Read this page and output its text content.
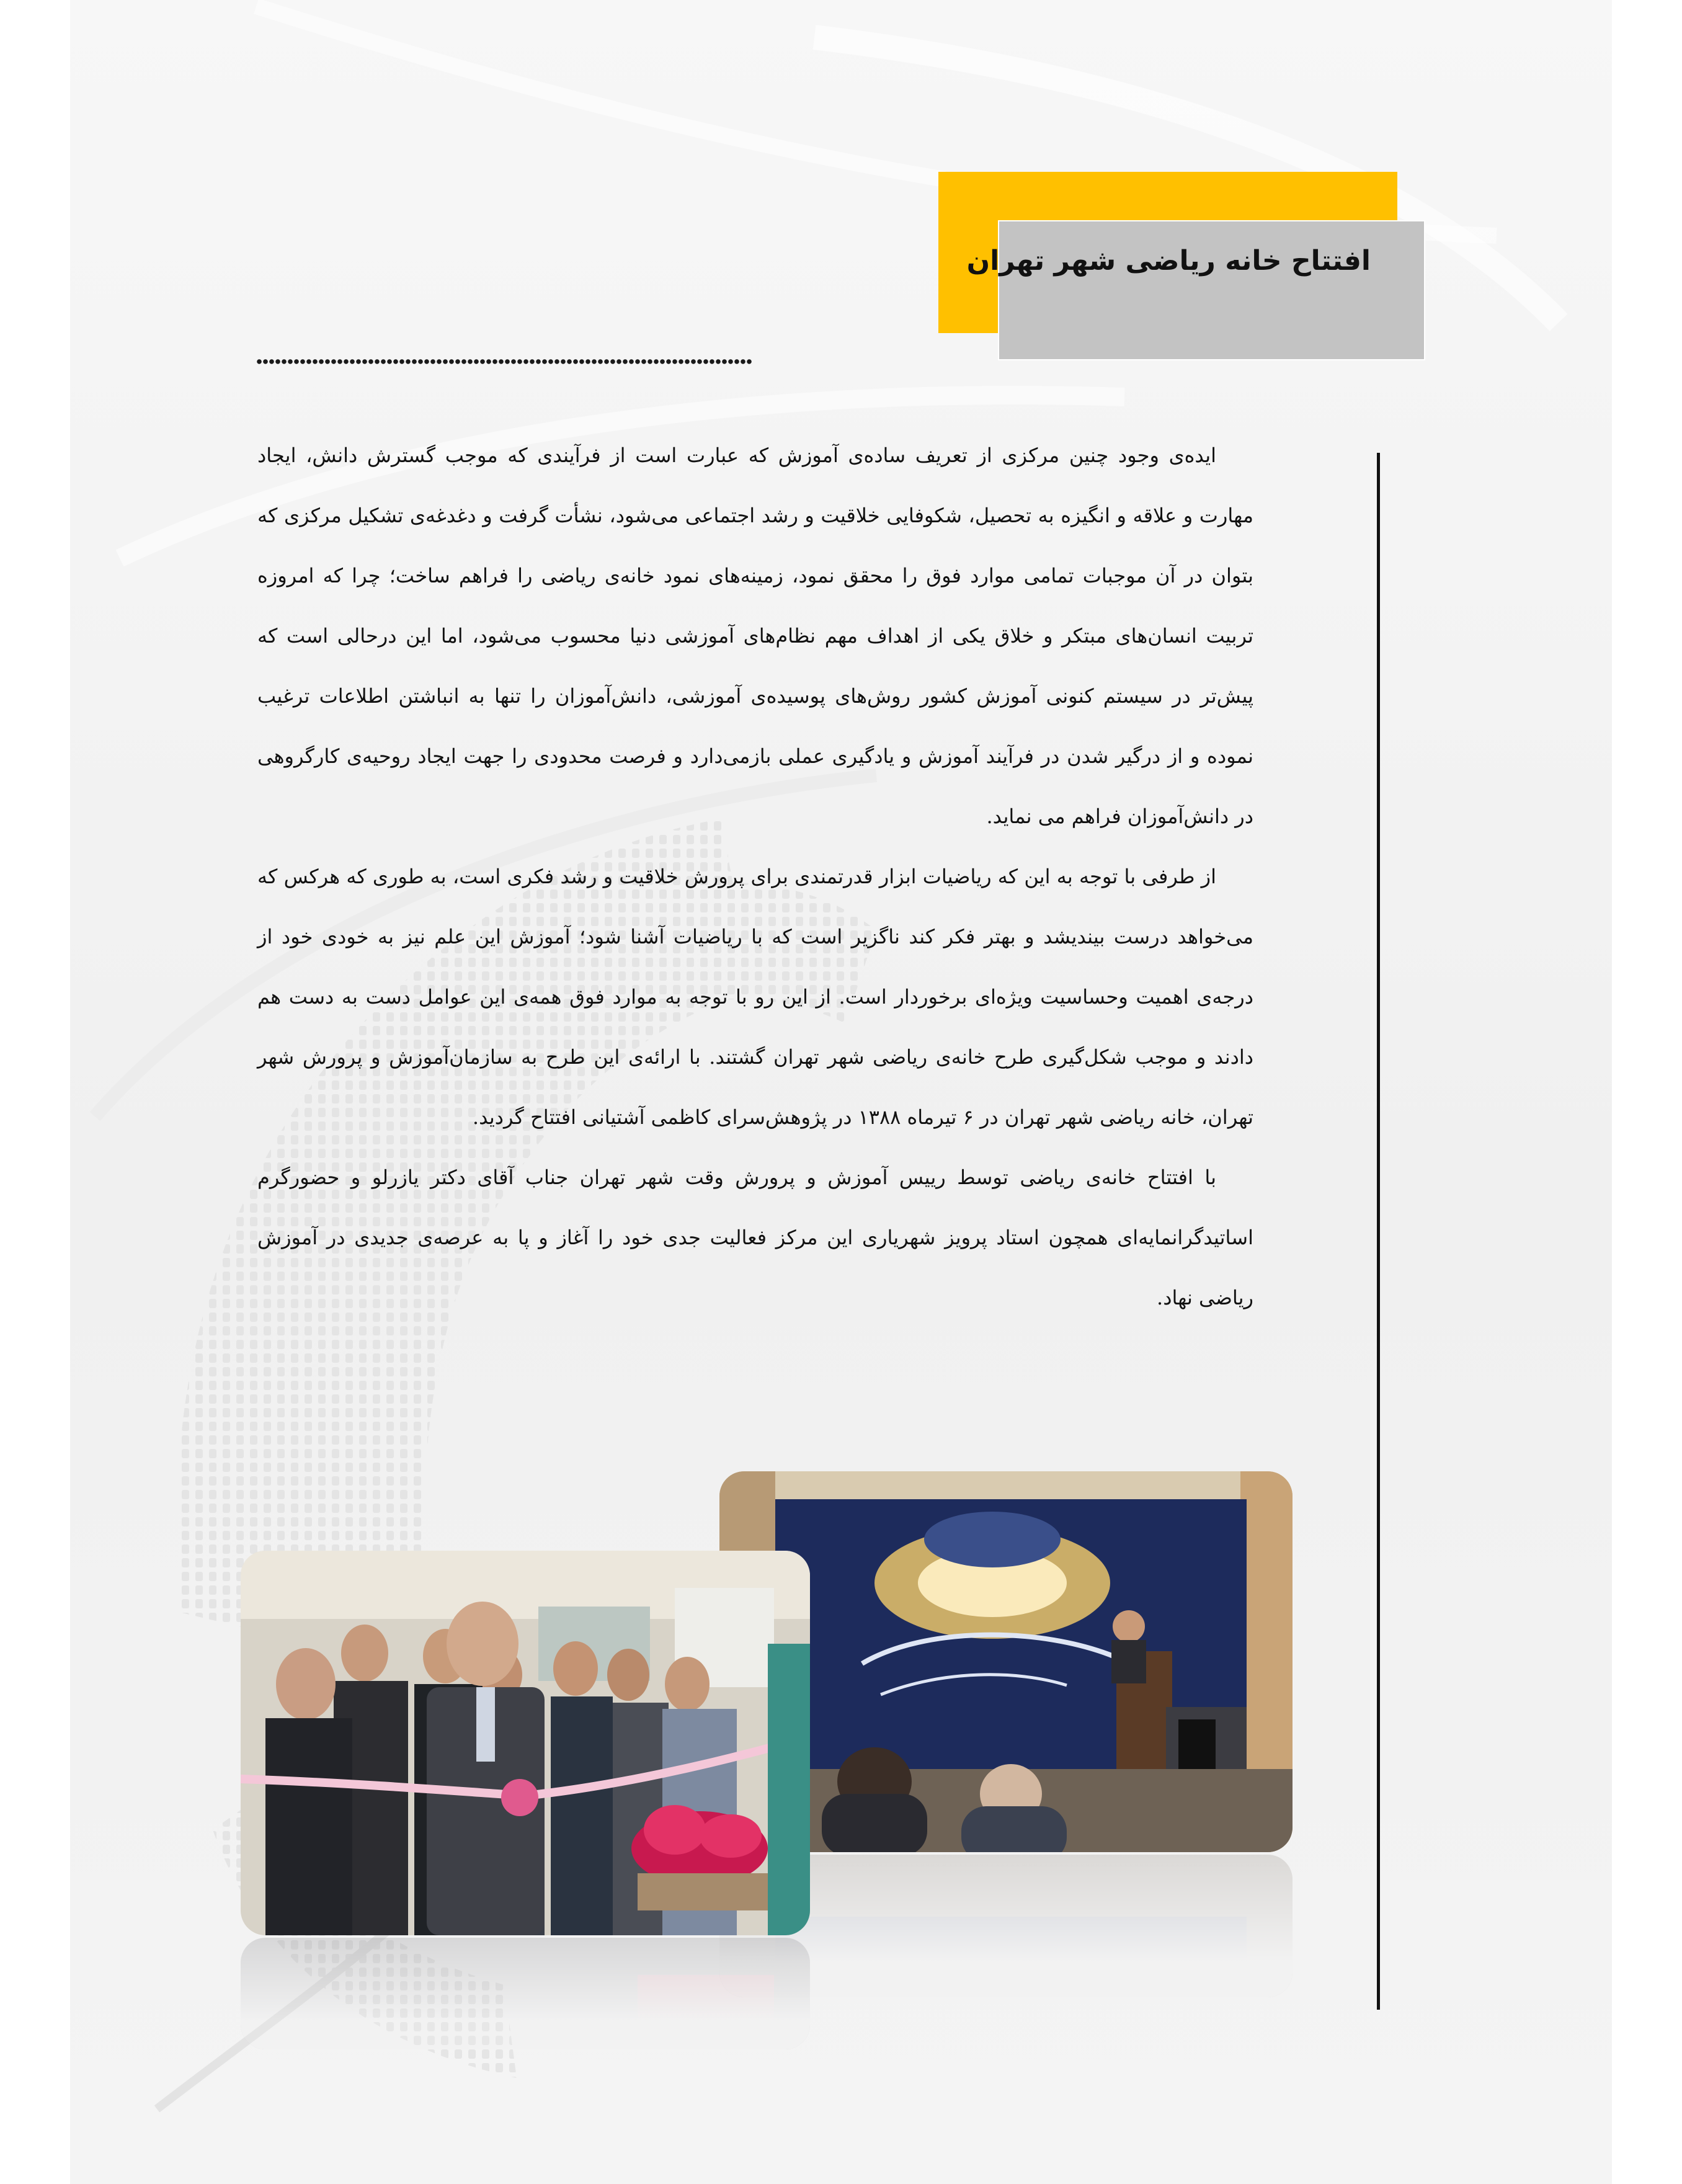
افتتاح خانه ریاضی شهر تهران

ایده‌ی وجود چنین مرکزی از تعریف ساده‌ی آموزش که عبارت است از فرآیندی که موجب گسترش دانش، ایجاد مهارت و علاقه و انگیزه به تحصیل، شکوفایی خلاقیت و رشد اجتماعی می‌شود، نشأت گرفت و دغدغه‌ی تشکیل مرکزی که بتوان در آن موجبات تمامی موارد فوق را محقق نمود، زمینه‌های نمود خانه‌ی ریاضی را فراهم ساخت؛ چرا که امروزه تربیت انسان‌های مبتکر و خلاق یکی از اهداف مهم نظام‌های آموزشی دنیا محسوب می‌شود، اما این درحالی است که پیش‌تر در سیستم کنونی آموزش کشور روش‌های پوسیده‌ی آموزشی، دانش‌آموزان را تنها به انباشتن اطلاعات ترغیب نموده و از درگیر شدن در فرآیند آموزش و یادگیری عملی بازمی‌دارد و فرصت محدودی را جهت ایجاد روحیه‌ی کارگروهی در دانش‌آموزان فراهم می نماید.

از طرفی با توجه به این که ریاضیات ابزار قدرتمندی برای پرورش خلاقیت و رشد فکری است، به طوری که هرکس که می‌خواهد درست بیندیشد و بهتر فکر کند ناگزیر است که با ریاضیات آشنا شود؛ آموزش این علم نیز به خودی خود از درجه‌ی اهمیت وحساسیت ویژه‌ای برخوردار است. از این رو با توجه به موارد فوق همه‌ی این عوامل دست به دست هم دادند و موجب شکل‌گیری طرح خانه‌ی ریاضی شهر تهران گشتند. با ارائه‌ی این طرح به سازمان‌آموزش و پرورش شهر تهران، خانه ریاضی شهر تهران در ۶ تیرماه ۱۳۸۸ در پژوهش‌سرای کاظمی آشتیانی افتتاح گردید.

با افتتاح خانه‌ی ریاضی توسط رییس آموزش و پرورش وقت شهر تهران جناب آقای دکتر یازرلو و حضورگرم اساتیدگرانمایه‌ای همچون استاد پرویز شهریاری این مرکز فعالیت جدی خود را آغاز و پا به عرصه‌ی جدیدی در آموزش ریاضی نهاد.
